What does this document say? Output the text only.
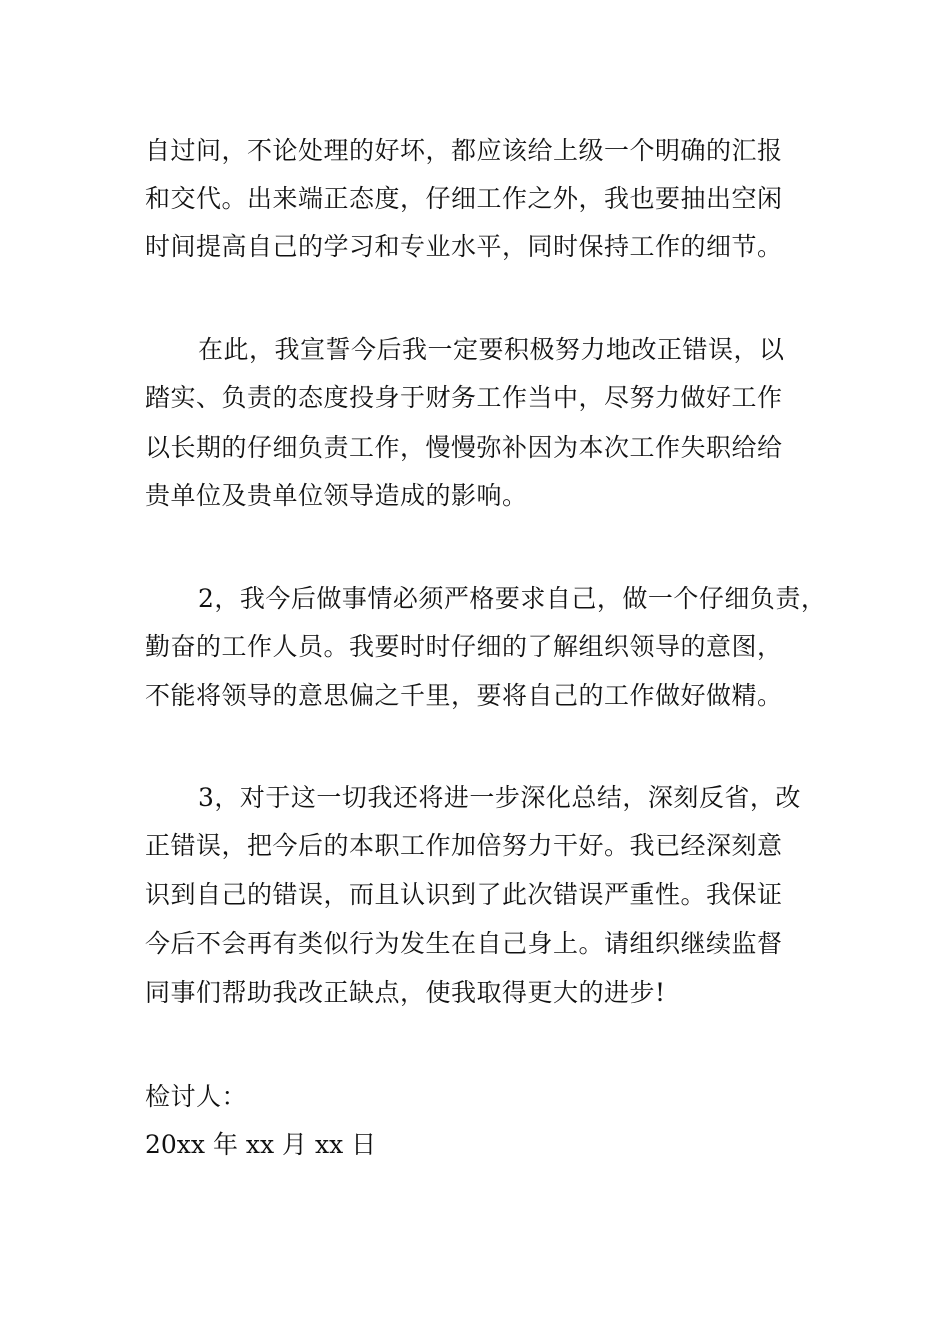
自过问，不论处理的好坏，都应该给上级一个明确的汇报
和交代。出来端正态度，仔细工作之外，我也要抽出空闲
时间提高自己的学习和专业水平，同时保持工作的细节。
在此，我宣誓今后我一定要积极努力地改正错误，以
踏实、负责的态度投身于财务工作当中，尽努力做好工作
以长期的仔细负责工作，慢慢弥补因为本次工作失职给给
贵单位及贵单位领导造成的影响。
2，我今后做事情必须严格要求自己，做一个仔细负责，
勤奋的工作人员。我要时时仔细的了解组织领导的意图，
不能将领导的意思偏之千里，要将自己的工作做好做精。
3，对于这一切我还将进一步深化总结，深刻反省，改
正错误，把今后的本职工作加倍努力干好。我已经深刻意
识到自己的错误，而且认识到了此次错误严重性。我保证
今后不会再有类似行为发生在自己身上。请组织继续监督
同事们帮助我改正缺点，使我取得更大的进步!
检讨人：
20xx 年 xx 月 xx 日
